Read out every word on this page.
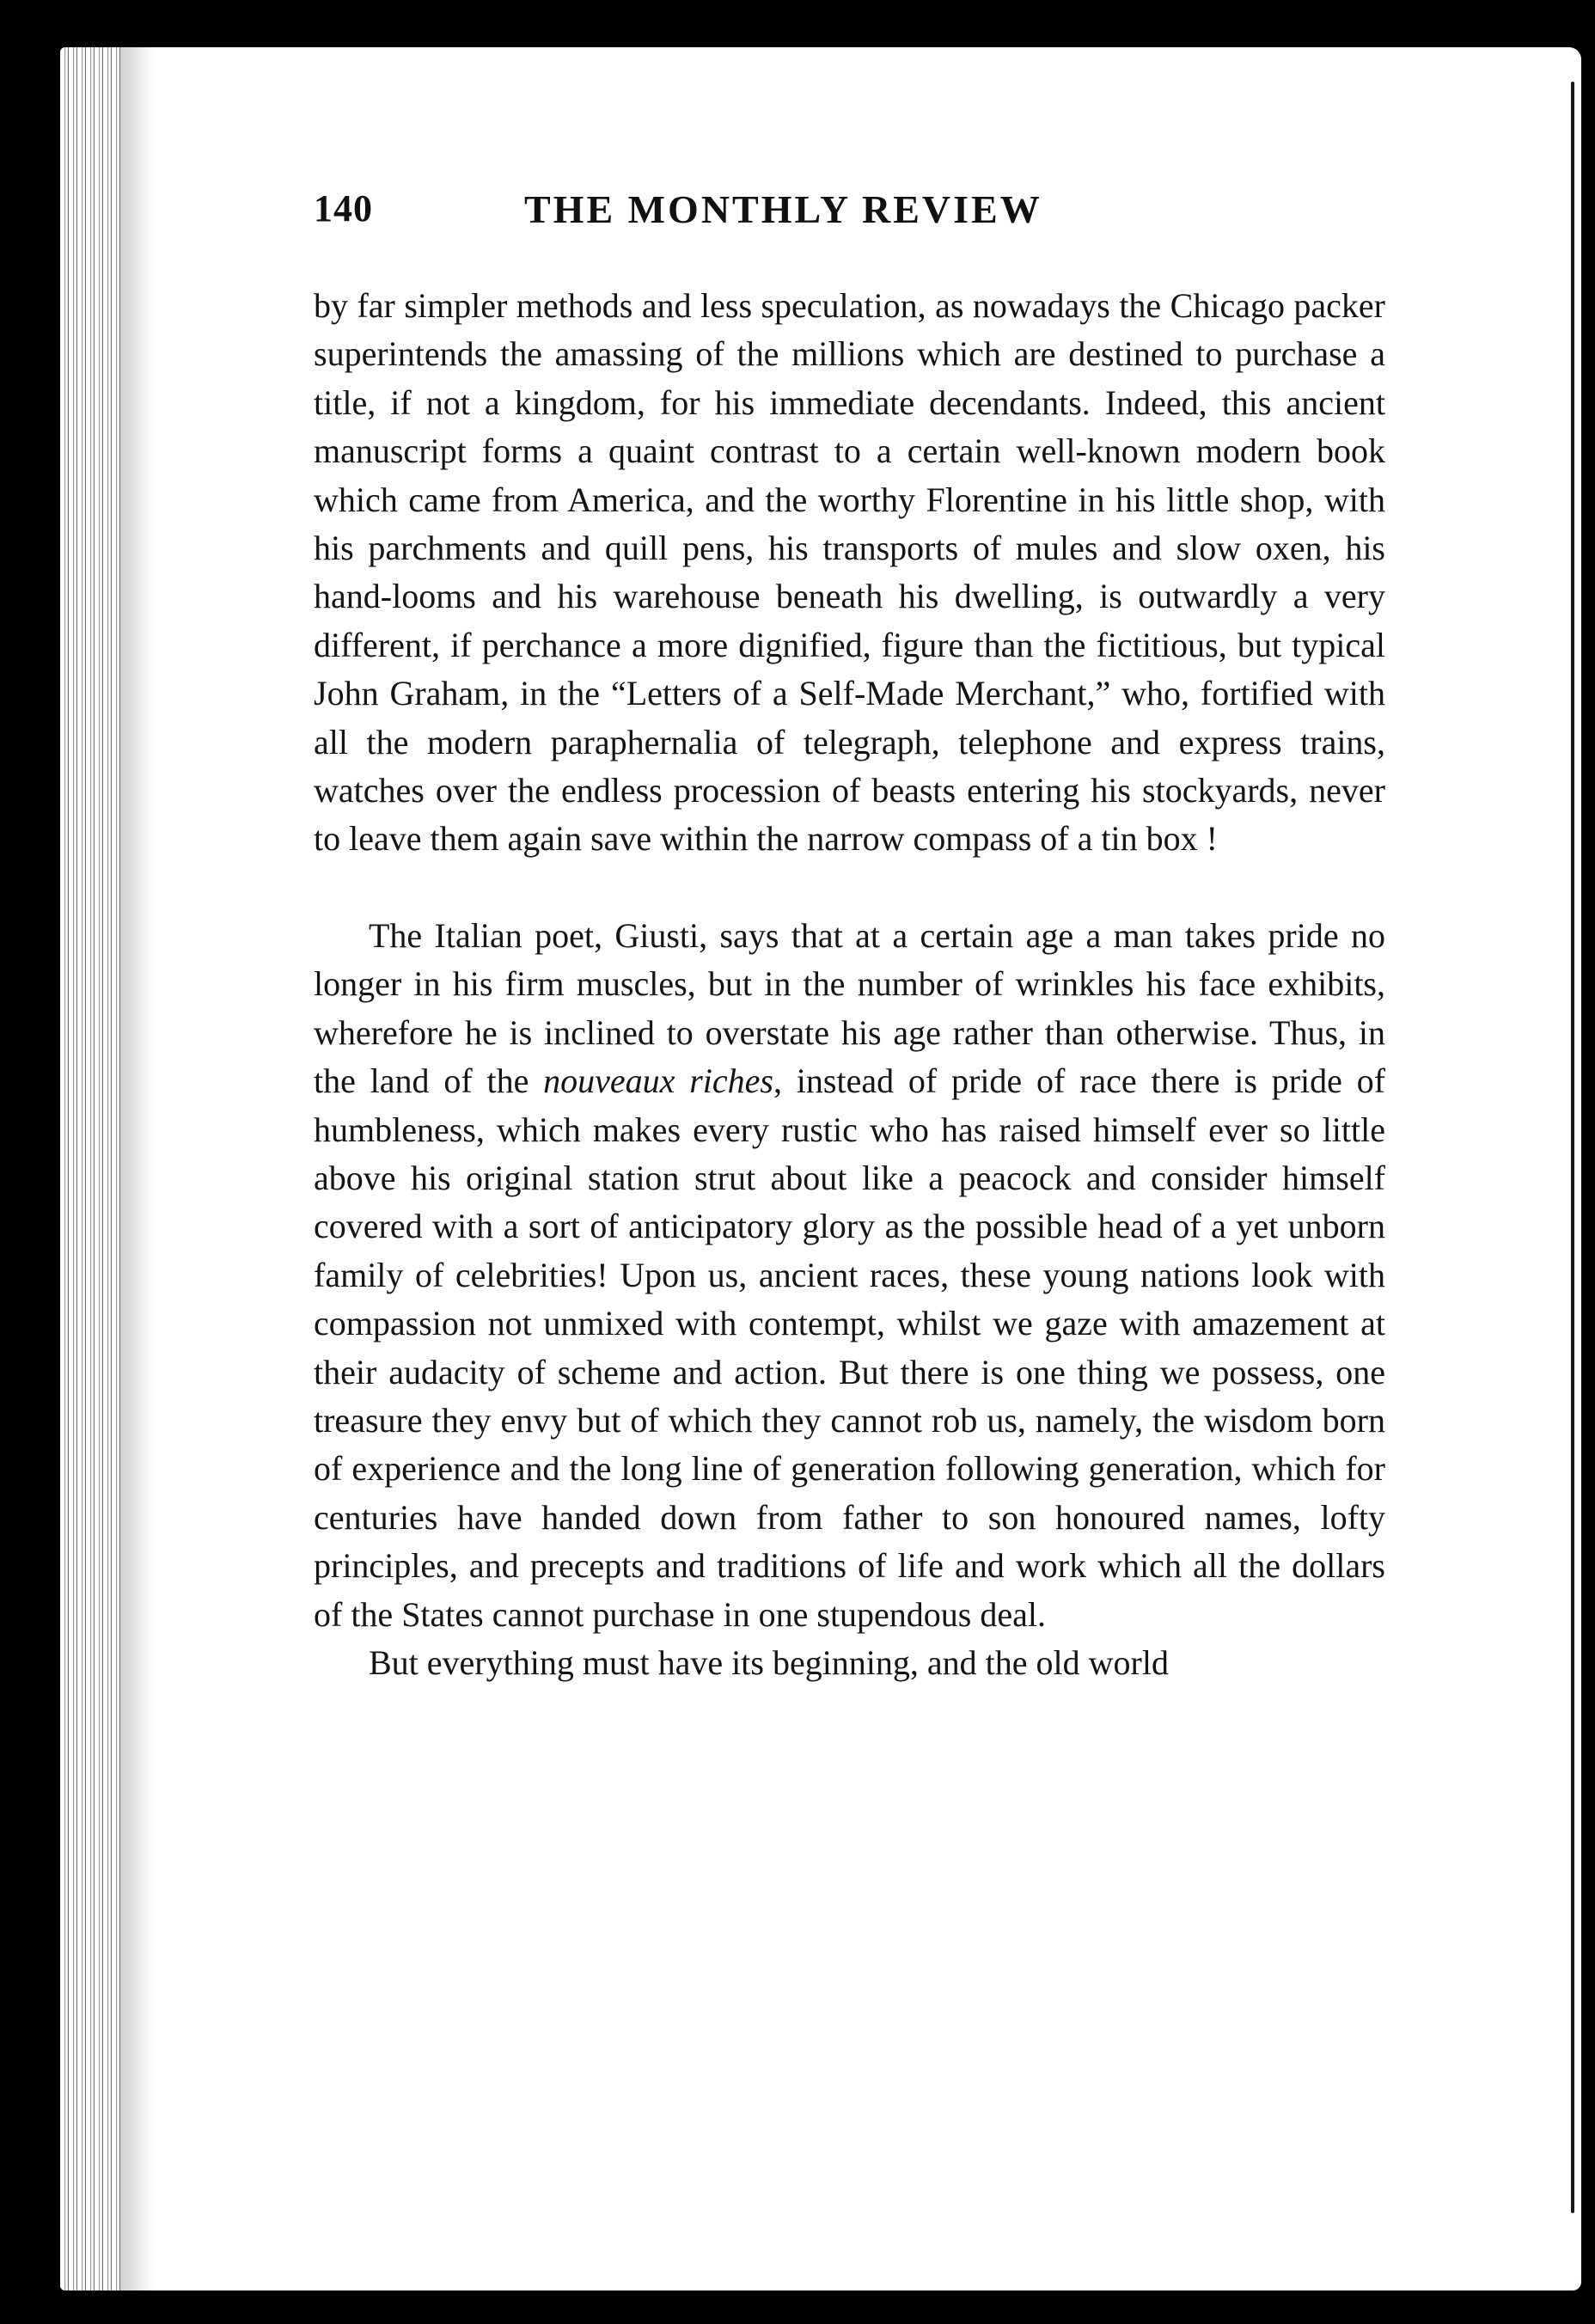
140	THE MONTHLY REVIEW

by far simpler methods and less speculation, as nowadays the Chicago packer superintends the amassing of the millions which are destined to purchase a title, if not a kingdom, for his immediate decendants. Indeed, this ancient manuscript forms a quaint contrast to a certain well-known modern book which came from America, and the worthy Florentine in his little shop, with his parchments and quill pens, his transports of mules and slow oxen, his hand-looms and his warehouse beneath his dwelling, is outwardly a very different, if perchance a more dignified, figure than the fictitious, but typical John Graham, in the “Letters of a Self-Made Merchant,” who, fortified with all the modern paraphernalia of telegraph, telephone and express trains, watches over the endless procession of beasts entering his stockyards, never to leave them again save within the narrow compass of a tin box !

The Italian poet, Giusti, says that at a certain age a man takes pride no longer in his firm muscles, but in the number of wrinkles his face exhibits, wherefore he is inclined to overstate his age rather than otherwise. Thus, in the land of the nouveaux riches, instead of pride of race there is pride of humbleness, which makes every rustic who has raised himself ever so little above his original station strut about like a peacock and consider himself covered with a sort of anticipatory glory as the possible head of a yet unborn family of celebrities! Upon us, ancient races, these young nations look with compassion not unmixed with contempt, whilst we gaze with amazement at their audacity of scheme and action. But there is one thing we possess, one treasure they envy but of which they cannot rob us, namely, the wisdom born of experience and the long line of generation following generation, which for centuries have handed down from father to son honoured names, lofty principles, and precepts and traditions of life and work which all the dollars of the States cannot purchase in one stupendous deal.

But everything must have its beginning, and the old world
